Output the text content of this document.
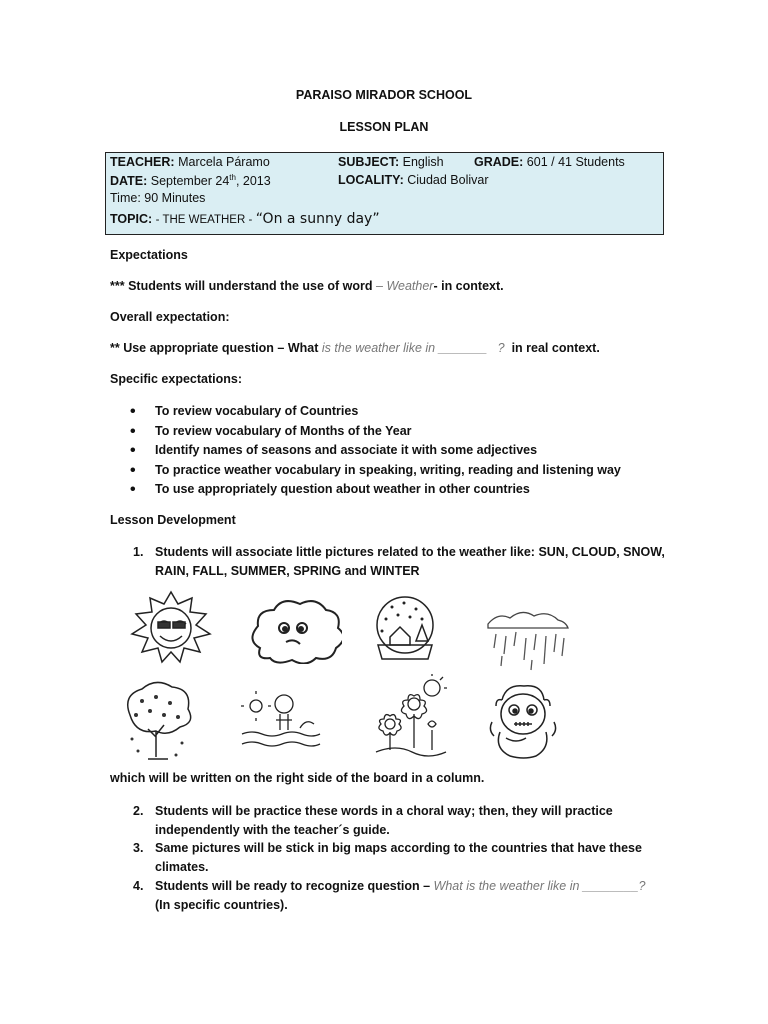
PARAISO MIRADOR SCHOOL
LESSON PLAN
TEACHER: Marcela Páramo	SUBJECT: English GRADE: 601 / 41 Students
DATE: September 24th, 2013	LOCALITY: Ciudad Bolivar
Time: 90 Minutes
TOPIC: - THE WEATHER - “On a sunny day”
Expectations
*** Students will understand the use of word – Weather- in context.
Overall expectation:
** Use appropriate question – What is the weather like in _______   ? in real context.
Specific expectations:
• To review vocabulary of Countries
• To review vocabulary of Months of the Year
• Identify names of seasons and associate it with some adjectives
• To practice weather vocabulary in speaking, writing, reading and listening way
• To use appropriately question about weather in other countries
Lesson Development
1. Students will associate little pictures related to the weather like: SUN, CLOUD, SNOW,
RAIN, FALL, SUMMER, SPRING and WINTER
which will be written on the right side of the board in a column.
2. Students will be practice these words in a choral way; then, they will practice
independently with the teacher´s guide.
3. Same pictures will be stick in big maps according to the countries that have these
climates.
4. Students will be ready to recognize question – What is the weather like in ________?
(In specific countries).
